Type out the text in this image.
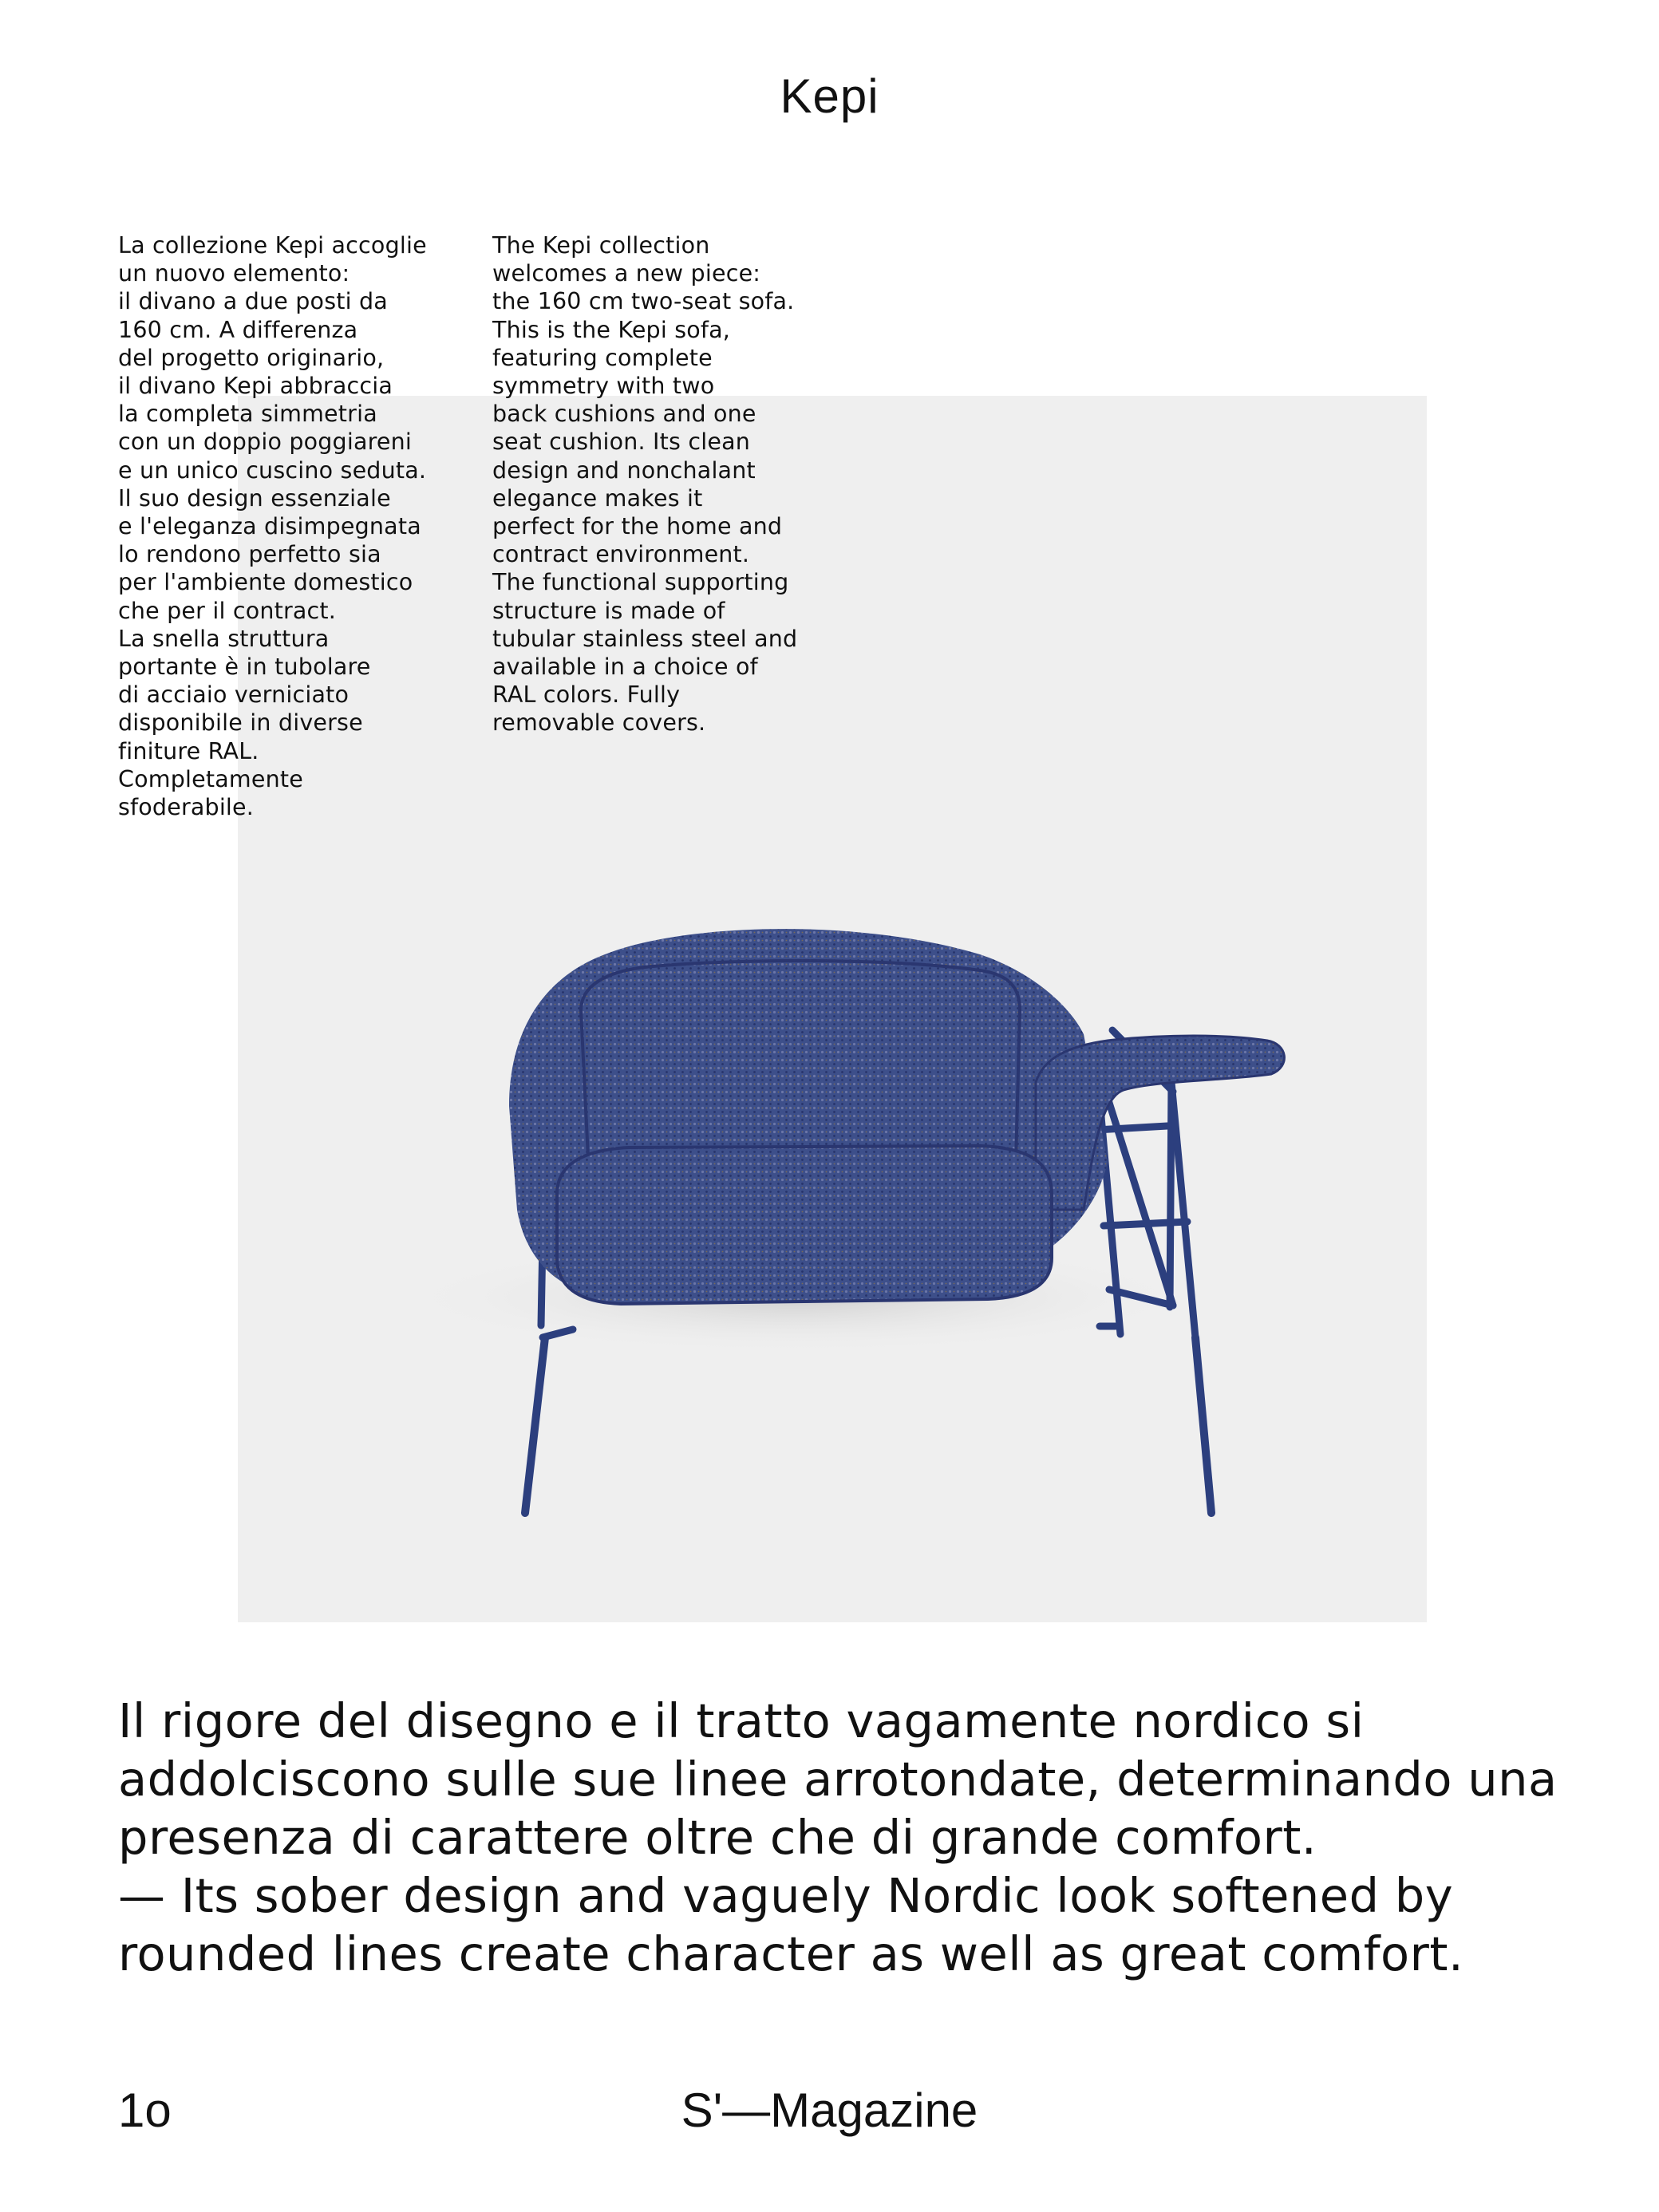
Kepi
La collezione Kepi accoglie
un nuovo elemento:
il divano a due posti da
160 cm. A differenza
del progetto originario,
il divano Kepi abbraccia
la completa simmetria
con un doppio poggiareni
e un unico cuscino seduta.
Il suo design essenziale
e l'eleganza disimpegnata
lo rendono perfetto sia
per l'ambiente domestico
che per il contract.
La snella struttura
portante è in tubolare
di acciaio verniciato
disponibile in diverse
finiture RAL.
Completamente
sfoderabile.
The Kepi collection
welcomes a new piece:
the 160 cm two-seat sofa.
This is the Kepi sofa,
featuring complete
symmetry with two
back cushions and one
seat cushion. Its clean
design and nonchalant
elegance makes it
perfect for the home and
contract environment.
The functional supporting
structure is made of
tubular stainless steel and
available in a choice of
RAL colors. Fully
removable covers.

Il rigore del disegno e il tratto vagamente nordico si addolciscono sulle sue linee arrotondate, determinando una presenza di carattere oltre che di grande comfort.

— Its sober design and vaguely Nordic look softened by rounded lines create character as well as great comfort.

1o	S'—Magazine
